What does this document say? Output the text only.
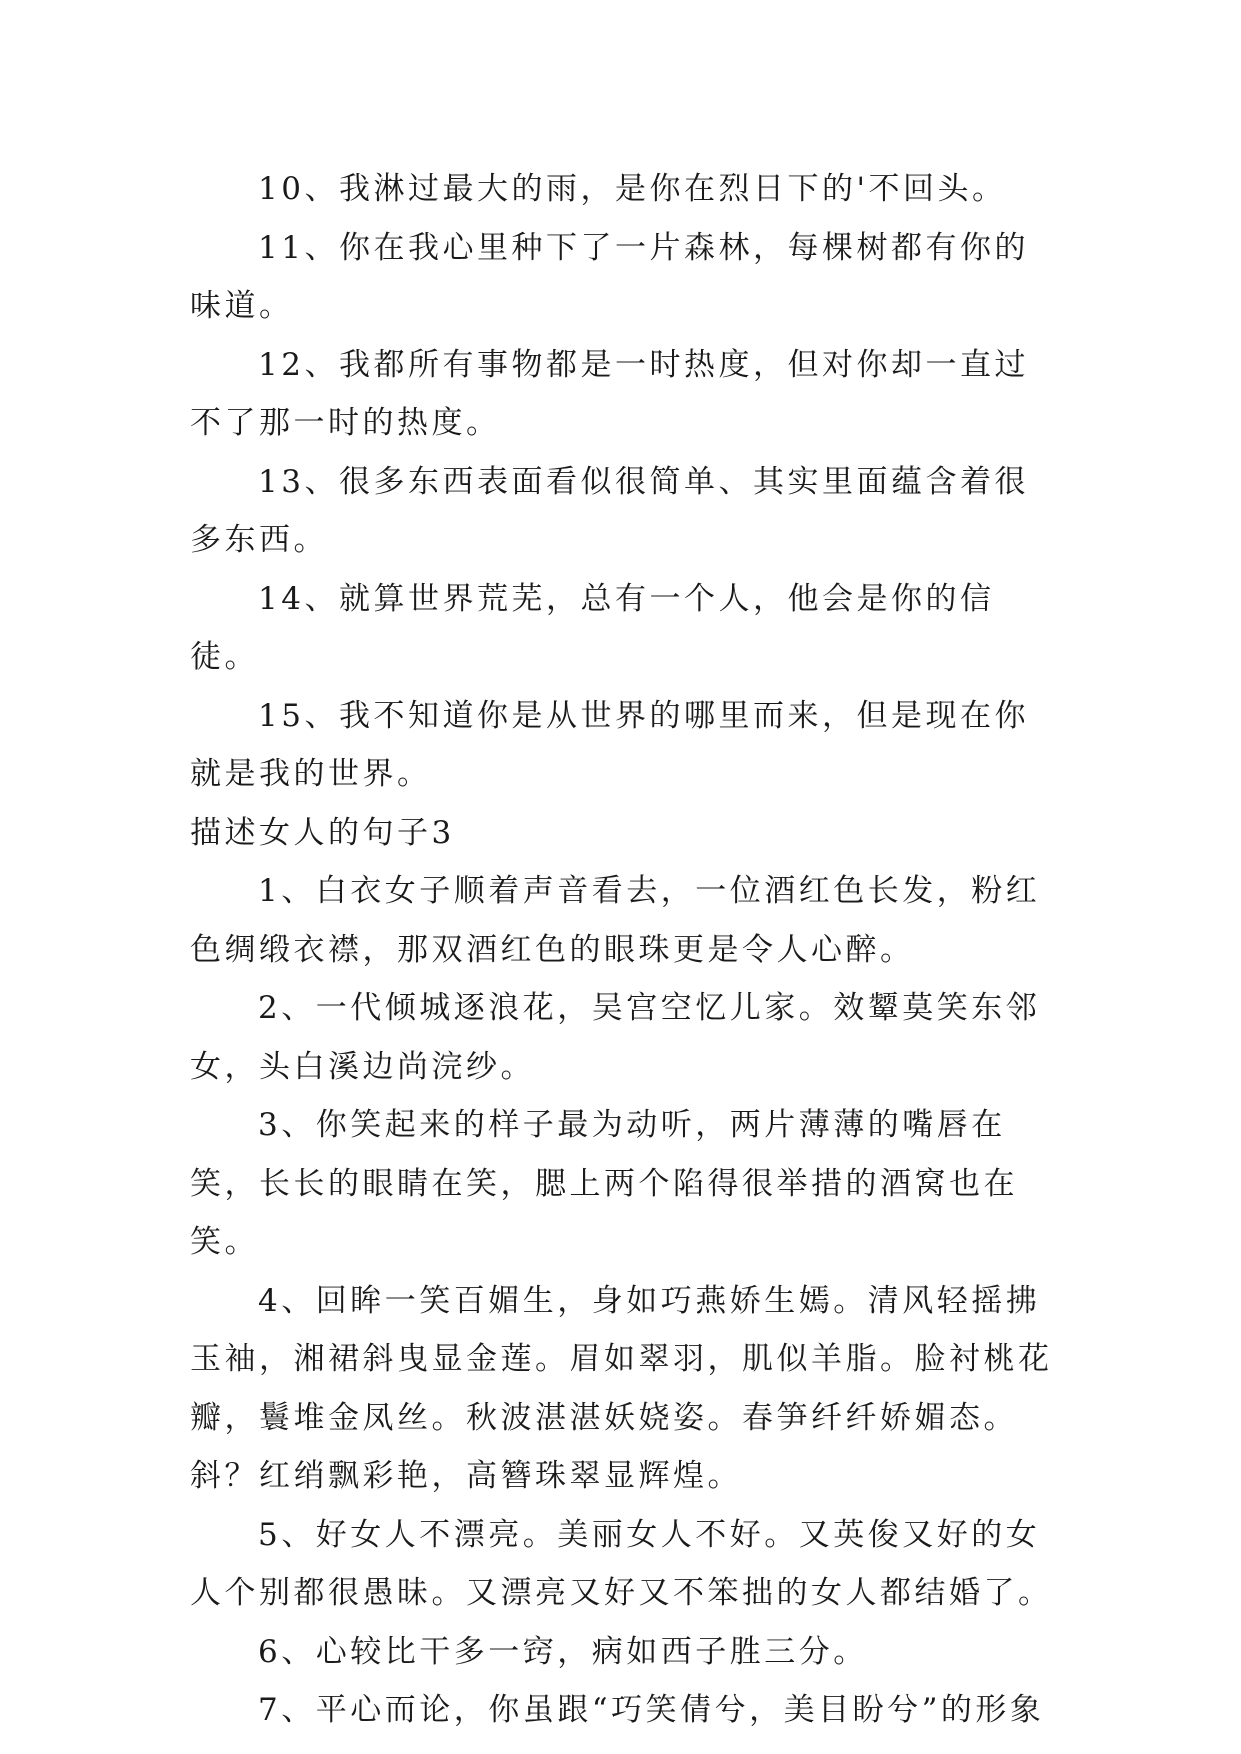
10、我淋过最大的雨，是你在烈日下的'不回头。

11、你在我心里种下了一片森林，每棵树都有你的味道。

12、我都所有事物都是一时热度，但对你却一直过不了那一时的热度。

13、很多东西表面看似很简单、其实里面蕴含着很多东西。

14、就算世界荒芜，总有一个人，他会是你的信徒。

15、我不知道你是从世界的哪里而来，但是现在你就是我的世界。

描述女人的句子3

1、白衣女子顺着声音看去，一位酒红色长发，粉红色绸缎衣襟，那双酒红色的眼珠更是令人心醉。

2、一代倾城逐浪花，吴宫空忆儿家。效颦莫笑东邻女，头白溪边尚浣纱。

3、你笑起来的样子最为动听，两片薄薄的嘴唇在笑，长长的眼睛在笑，腮上两个陷得很举措的酒窝也在笑。

4、回眸一笑百媚生，身如巧燕娇生嫣。清风轻摇拂玉袖，湘裙斜曳显金莲。眉如翠羽，肌似羊脂。脸衬桃花瓣，鬟堆金凤丝。秋波湛湛妖娆姿。春笋纤纤娇媚态。斜？红绡飘彩艳，高簪珠翠显辉煌。

5、好女人不漂亮。美丽女人不好。又英俊又好的女人个别都很愚昧。又漂亮又好又不笨拙的女人都结婚了。

6、心较比干多一窍，病如西子胜三分。

7、平心而论，你虽跟“巧笑倩兮，美目盼兮”的形象
